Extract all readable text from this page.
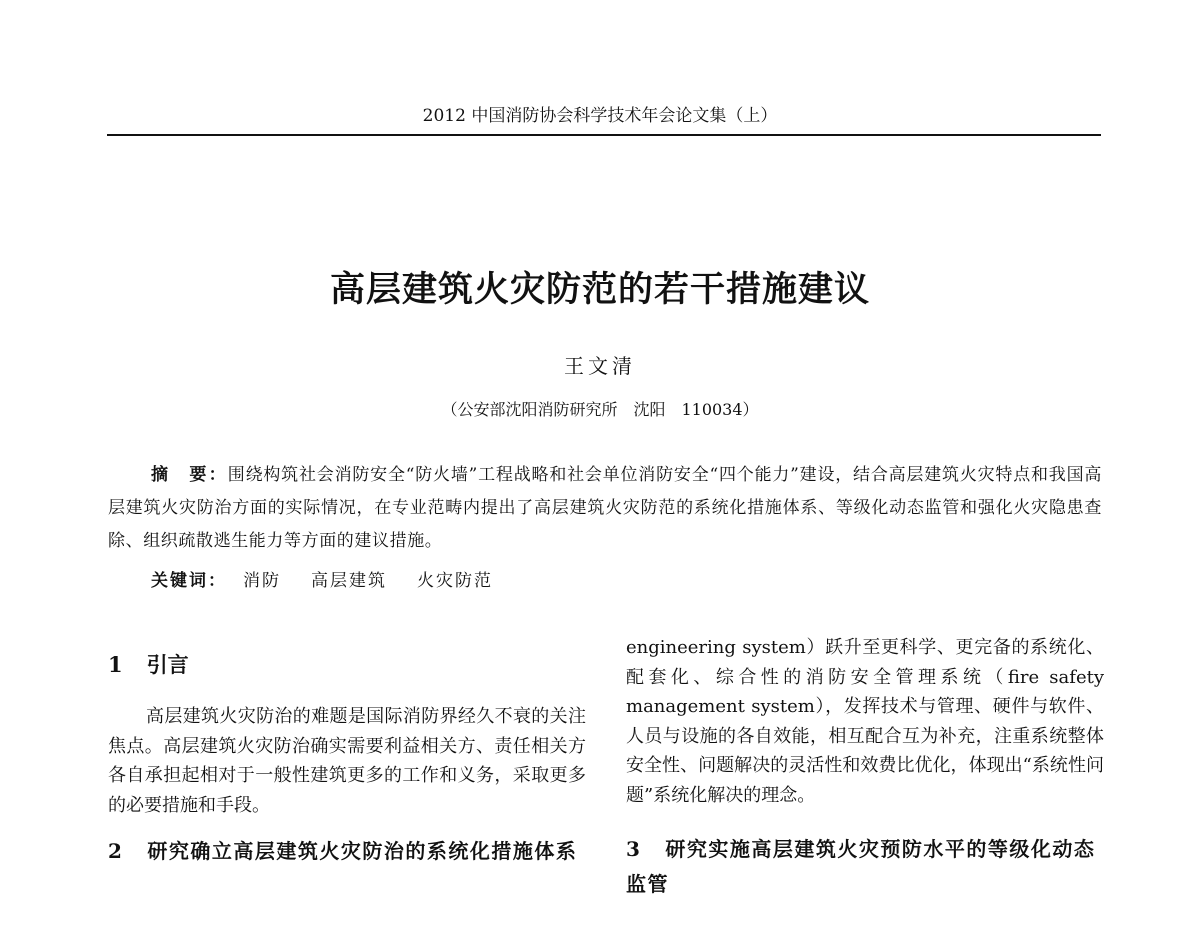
2012 中国消防协会科学技术年会论文集（上）
高层建筑火灾防范的若干措施建议
王文清
（公安部沈阳消防研究所　沈阳　110034）
摘　要：围绕构筑社会消防安全“防火墙”工程战略和社会单位消防安全“四个能力”建设，结合高层建筑火灾特点和我国高层建筑火灾防治方面的实际情况，在专业范畴内提出了高层建筑火灾防范的系统化措施体系、等级化动态监管和强化火灾隐患查除、组织疏散逃生能力等方面的建议措施。
关键词： 消防 高层建筑 火灾防范
1 引言

高层建筑火灾防治的难题是国际消防界经久不衰的关注焦点。高层建筑火灾防治确实需要利益相关方、责任相关方各自承担起相对于一般性建筑更多的工作和义务，采取更多的必要措施和手段。

2 研究确立高层建筑火灾防治的系统化措施体系

engineering system）跃升至更科学、更完备的系统化、配套化、综合性的消防安全管理系统（fire safety management system），发挥技术与管理、硬件与软件、人员与设施的各自效能，相互配合互为补充，注重系统整体安全性、问题解决的灵活性和效费比优化，体现出“系统性问题”系统化解决的理念。

3 研究实施高层建筑火灾预防水平的等级化动态监管
